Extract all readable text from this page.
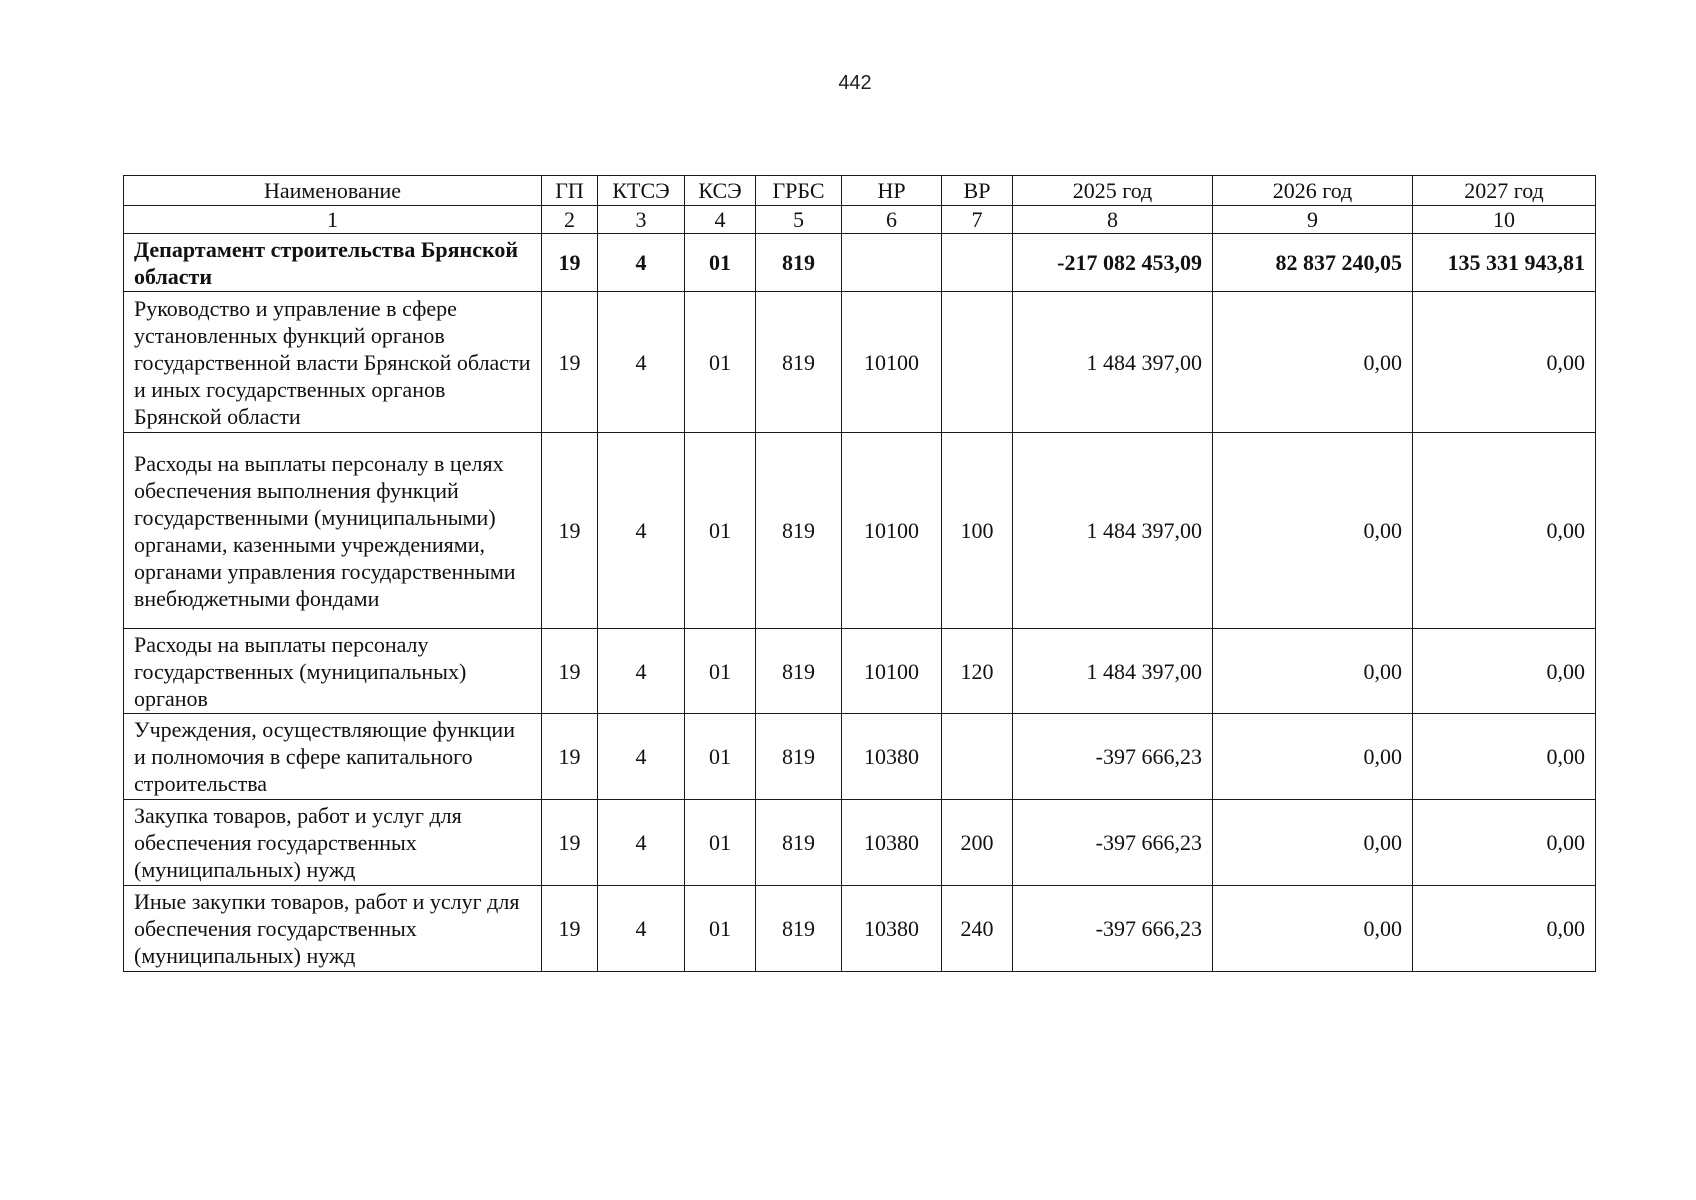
442
Наименование	ГП	КТСЭ	КСЭ	ГРБС	НР	ВР	2025 год	2026 год	2027 год
1	2	3	4	5	6	7	8	9	10
Департамент строительства Брянской области	19	4	01	819			-217 082 453,09	82 837 240,05	135 331 943,81
Руководство и управление в сфере установленных функций органов государственной власти Брянской области и иных государственных органов Брянской области	19	4	01	819	10100		1 484 397,00	0,00	0,00
Расходы на выплаты персоналу в целях обеспечения выполнения функций государственными (муниципальными) органами, казенными учреждениями, органами управления государственными внебюджетными фондами	19	4	01	819	10100	100	1 484 397,00	0,00	0,00
Расходы на выплаты персоналу государственных (муниципальных) органов	19	4	01	819	10100	120	1 484 397,00	0,00	0,00
Учреждения, осуществляющие функции и полномочия в сфере капитального строительства	19	4	01	819	10380		-397 666,23	0,00	0,00
Закупка товаров, работ и услуг для обеспечения государственных (муниципальных) нужд	19	4	01	819	10380	200	-397 666,23	0,00	0,00
Иные закупки товаров, работ и услуг для обеспечения государственных (муниципальных) нужд	19	4	01	819	10380	240	-397 666,23	0,00	0,00
